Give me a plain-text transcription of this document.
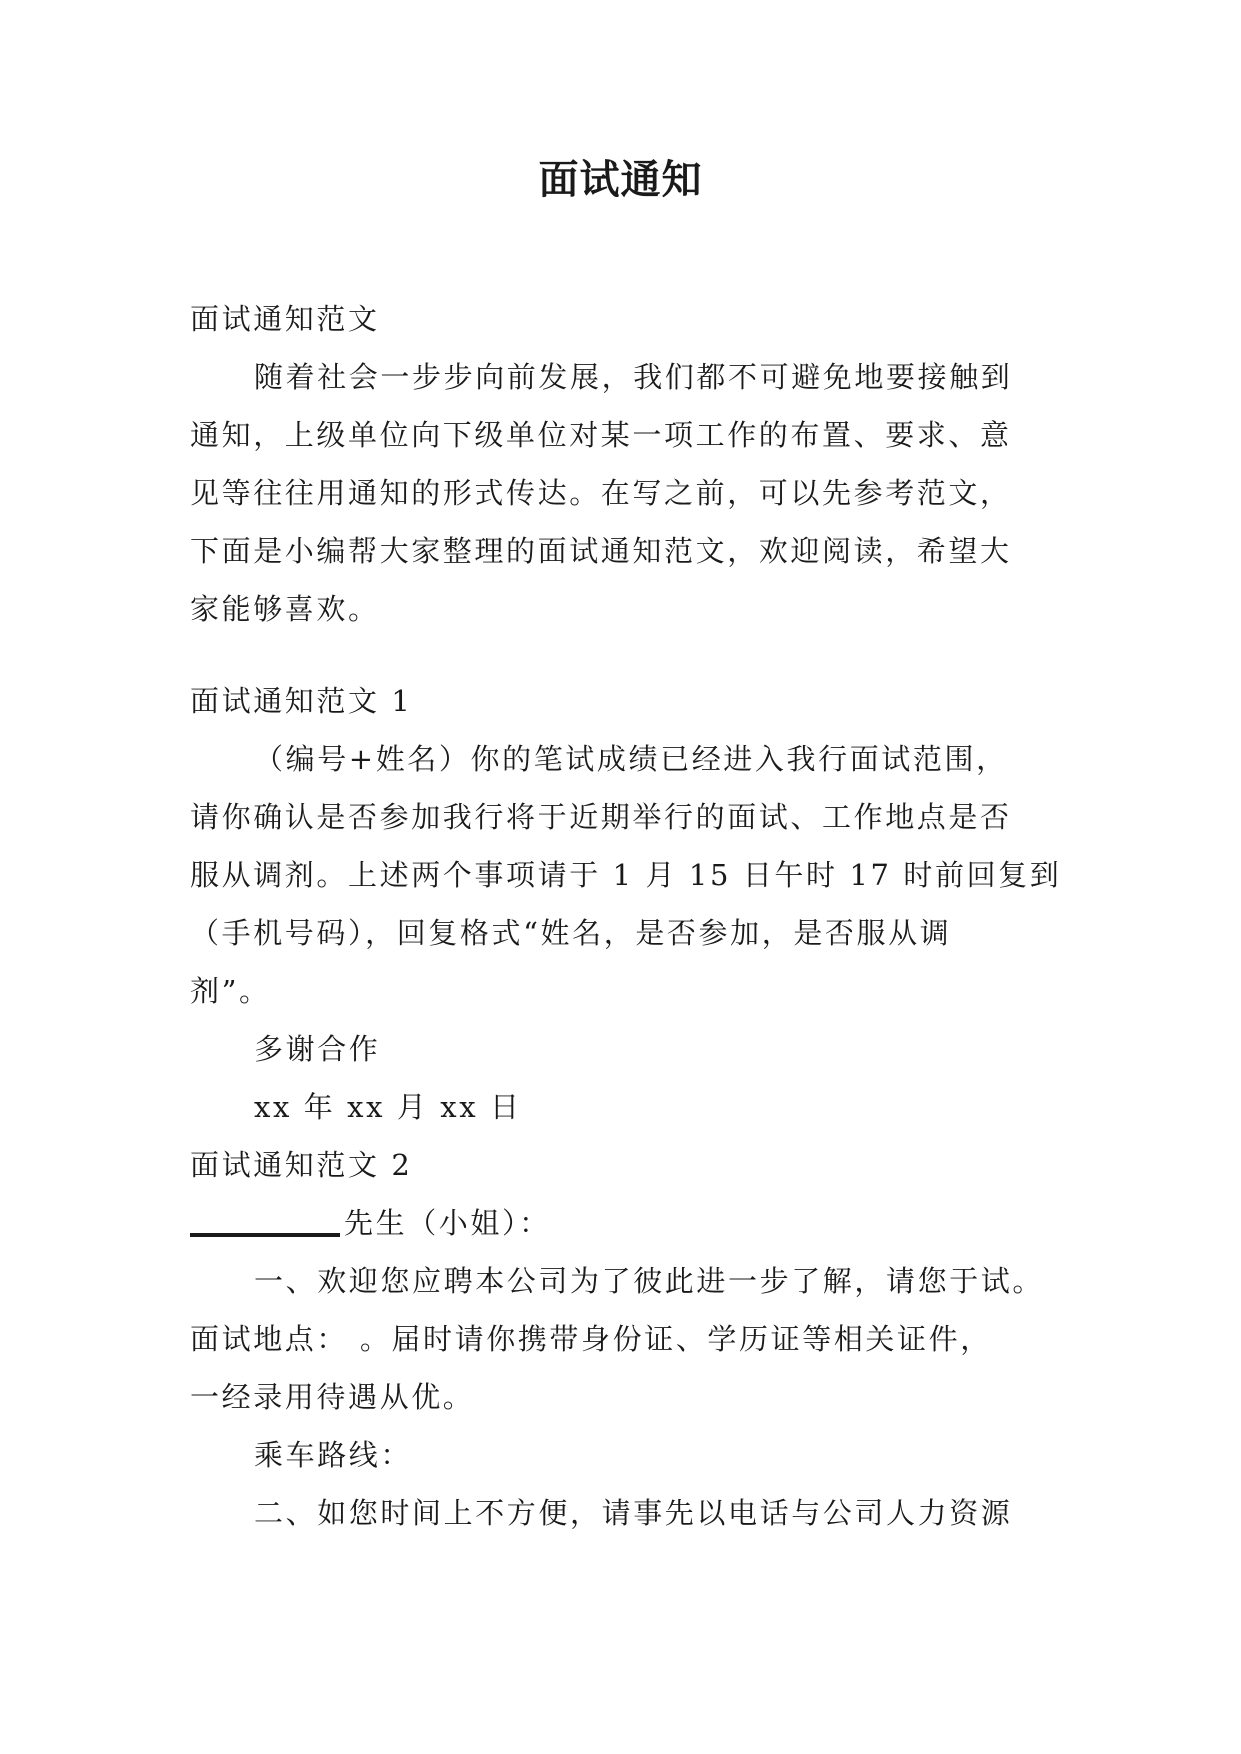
面试通知
面试通知范文
随着社会一步步向前发展，我们都不可避免地要接触到
通知，上级单位向下级单位对某一项工作的布置、要求、意
见等往往用通知的形式传达。在写之前，可以先参考范文，
下面是小编帮大家整理的面试通知范文，欢迎阅读，希望大
家能够喜欢。
面试通知范文 1
（编号+姓名）你的笔试成绩已经进入我行面试范围，
请你确认是否参加我行将于近期举行的面试、工作地点是否
服从调剂。上述两个事项请于 1 月 15 日午时 17 时前回复到
（手机号码），回复格式“姓名，是否参加，是否服从调
剂”。
多谢合作
xx 年 xx 月 xx 日
面试通知范文 2
先生（小姐）：
一、欢迎您应聘本公司为了彼此进一步了解，请您于试。
面试地点： 。届时请你携带身份证、学历证等相关证件，
一经录用待遇从优。
乘车路线：
二、如您时间上不方便，请事先以电话与公司人力资源
